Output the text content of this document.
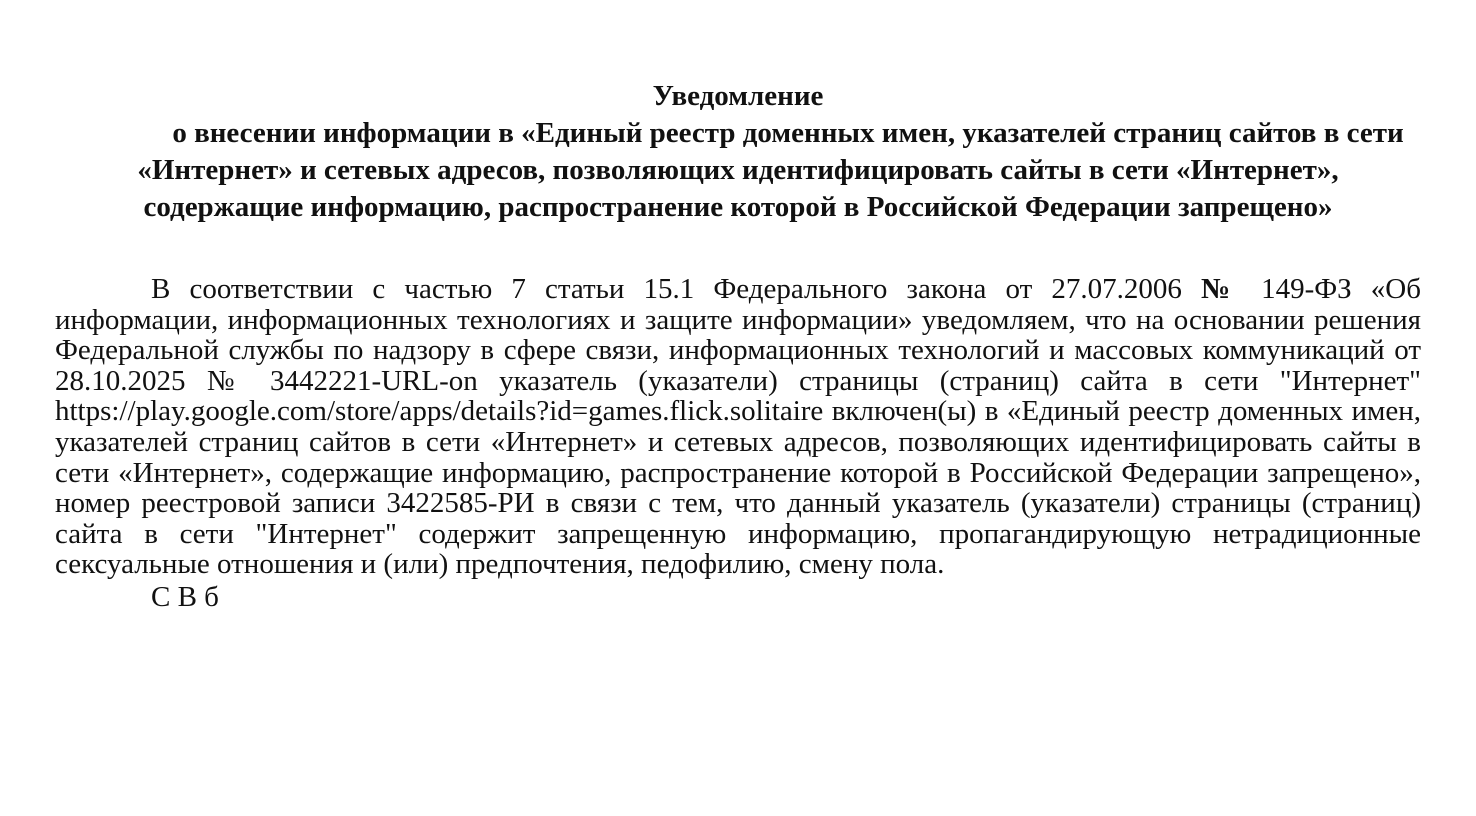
Уведомление
о внесении информации в «Единый реестр доменных имен, указателей страниц сайтов в сети «Интернет» и сетевых адресов, позволяющих идентифицировать сайты в сети «Интернет», содержащие информацию, распространение которой в Российской Федерации запрещено»
В соответствии с частью 7 статьи 15.1 Федерального закона от 27.07.2006 № 149-ФЗ «Об информации, информационных технологиях и защите информации» уведомляем, что на основании решения Федеральной службы по надзору в сфере связи, информационных технологий и массовых коммуникаций от 28.10.2025 № 3442221-URL-on указатель (указатели) страницы (страниц) сайта в сети "Интернет" https://play.google.com/store/apps/details?id=games.flick.solitaire включен(ы) в «Единый реестр доменных имен, указателей страниц сайтов в сети «Интернет» и сетевых адресов, позволяющих идентифицировать сайты в сети «Интернет», содержащие информацию, распространение которой в Российской Федерации запрещено», номер реестровой записи 3422585-РИ в связи с тем, что данный указатель (указатели) страницы (страниц) сайта в сети "Интернет" содержит запрещенную информацию, пропагандирующую нетрадиционные сексуальные отношения и (или) предпочтения, педофилию, смену пола.
С В б
